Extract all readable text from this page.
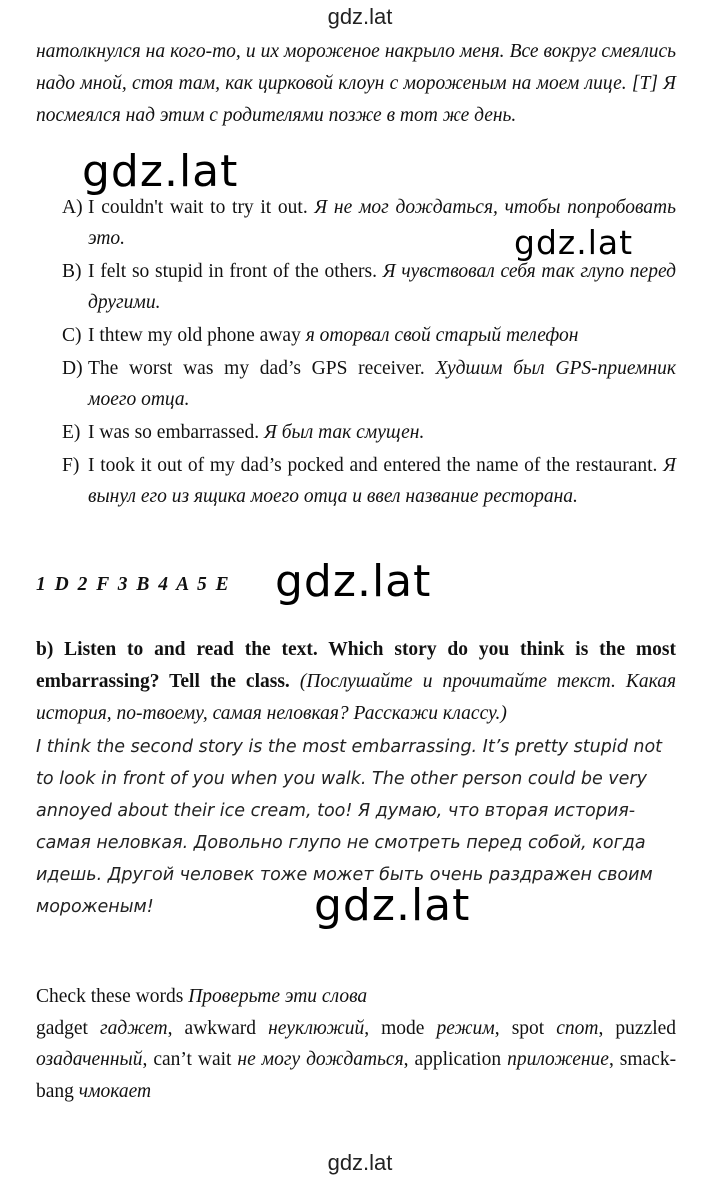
gdz.lat
натолкнулся на кого-то, и их мороженое накрыло меня. Все вокруг смеялись надо мной, стоя там, как цирковой клоун с мороженым на моем лице. [T] Я посмеялся над этим с родителями позже в тот же день.
gdz.lat
gdz.lat
A) I couldn't wait to try it out. Я не мог дождаться, чтобы попробовать это.
B) I felt so stupid in front of the others. Я чувствовал себя так глупо перед другими.
C) I thtew my old phone away я оторвал свой старый телефон
D) The worst was my dad’s GPS receiver. Худшим был GPS-приемник моего отца.
E) I was so embarrassed. Я был так смущен.
F) I took it out of my dad’s pocked and entered the name of the restaurant. Я вынул его из ящика моего отца и ввел название ресторана.
1 D 2 F 3 B 4 A 5 E gdz.lat
b) Listen to and read the text. Which story do you think is the most embarrassing? Tell the class. (Послушайте и прочитайте текст. Какая история, по-твоему, самая неловкая? Расскажи классу.)
I think the second story is the most embarrassing. It’s pretty stupid not to look in front of you when you walk. The other person could be very annoyed about their ice cream, too! Я думаю, что вторая история- самая неловкая. Довольно глупо не смотреть перед собой, когда идешь. Другой человек тоже может быть очень раздражен своим мороженым!	gdz.lat
Check these words Проверьте эти слова
gadget гаджет, awkward неуклюжий, mode режим, spot спот, puzzled озадаченный, can’t wait не могу дождаться, application приложение, smack-bang чмокает
gdz.lat
